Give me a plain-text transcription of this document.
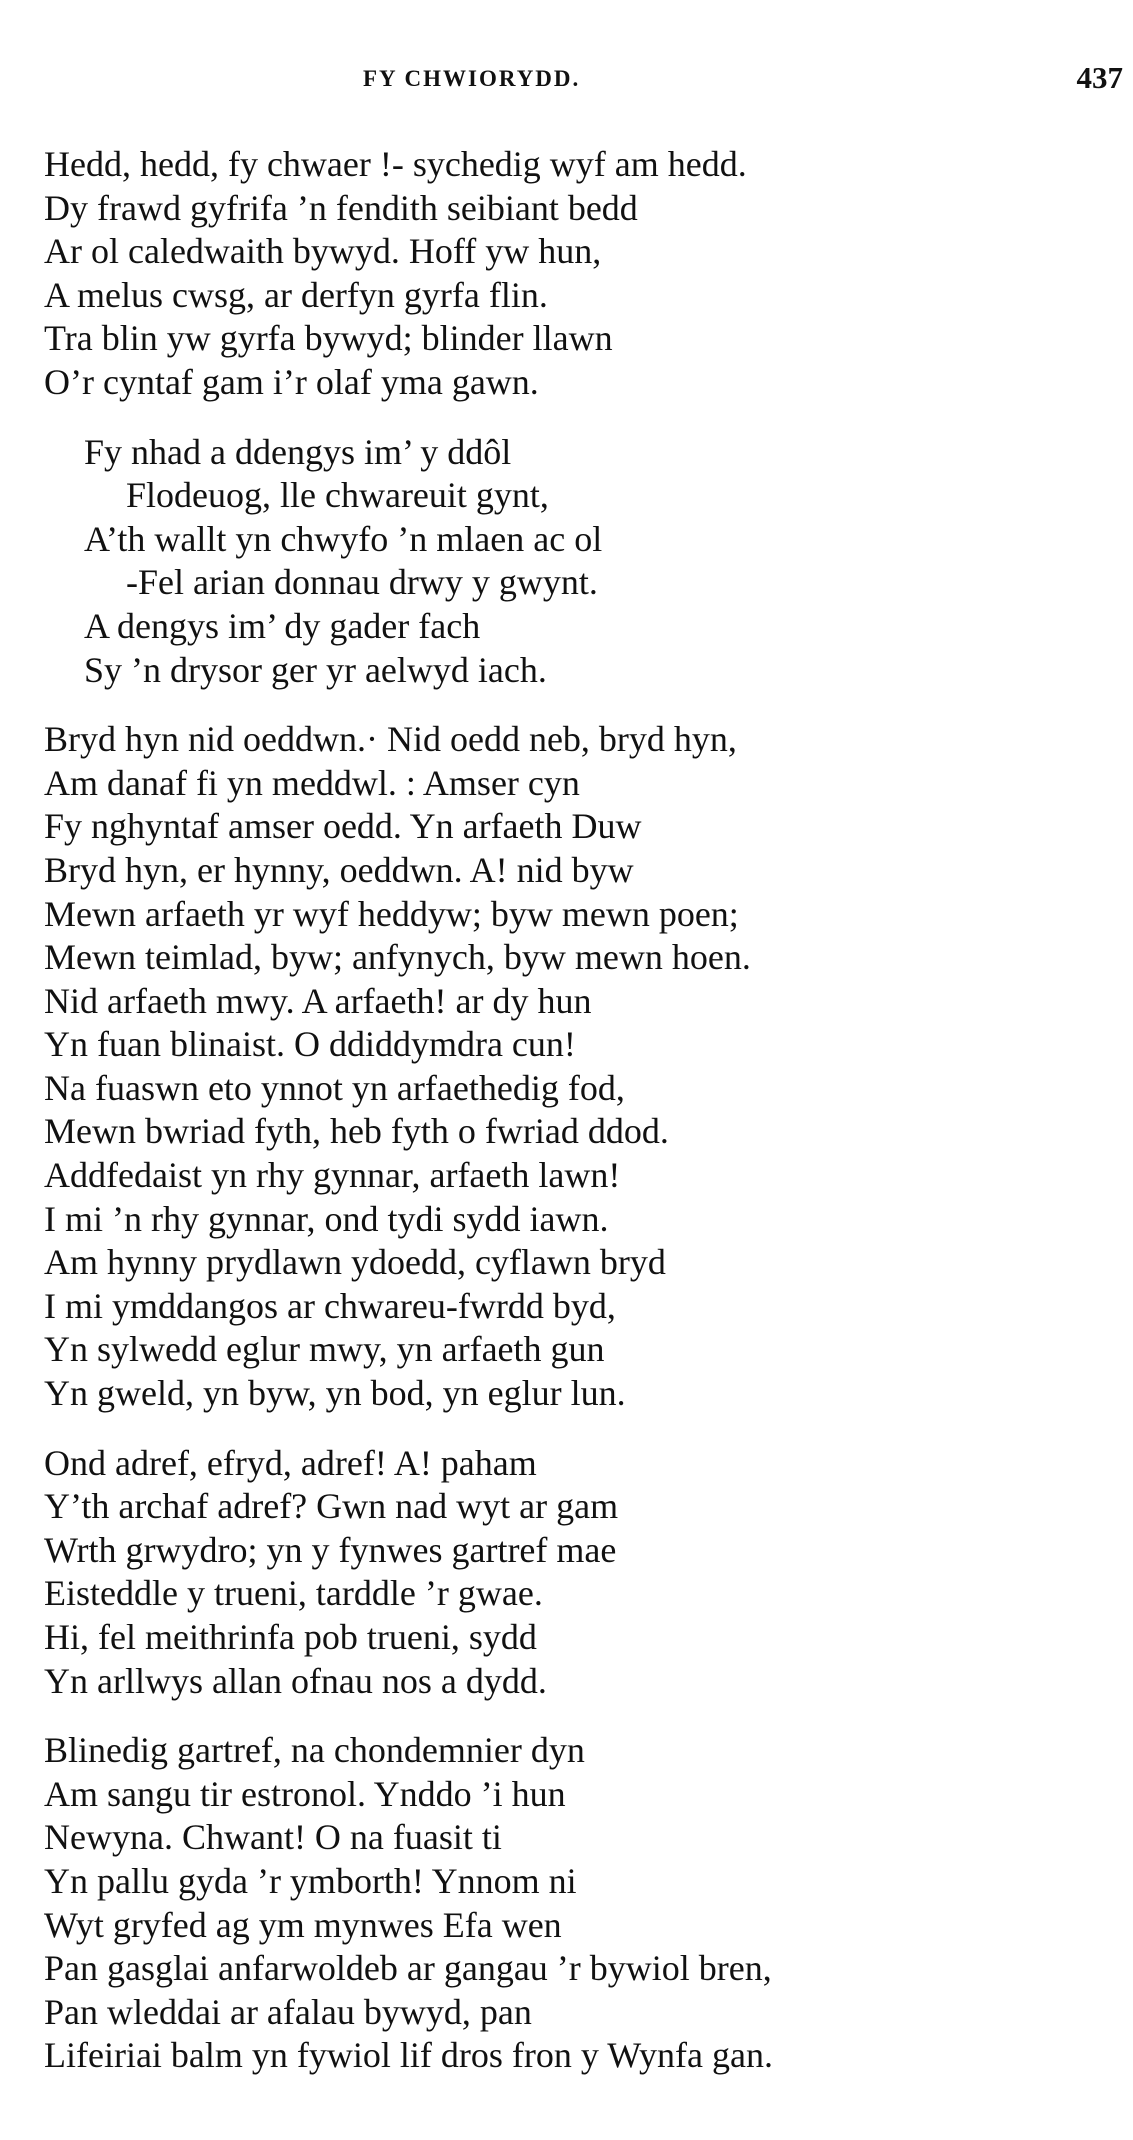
FY CHWIORYDD.	437
Hedd, hedd, fy chwaer !- sychedig wyf am hedd.
Dy frawd gyfrifa ’n fendith seibiant bedd
Ar ol caledwaith bywyd. Hoff yw hun,
A melus cwsg, ar derfyn gyrfa flin.
Tra blin yw gyrfa bywyd; blinder llawn
O’r cyntaf gam i’r olaf yma gawn.
Fy nhad a ddengys im’ y ddôl
Flodeuog, lle chwareuit gynt,
A’th wallt yn chwyfo ’n mlaen ac ol
-Fel arian donnau drwy y gwynt.
A dengys im’ dy gader fach
Sy ’n drysor ger yr aelwyd iach.
Bryd hyn nid oeddwn.· Nid oedd neb, bryd hyn,
Am danaf fi yn meddwl. : Amser cyn
Fy nghyntaf amser oedd. Yn arfaeth Duw
Bryd hyn, er hynny, oeddwn. A! nid byw
Mewn arfaeth yr wyf heddyw; byw mewn poen;
Mewn teimlad, byw; anfynych, byw mewn hoen.
Nid arfaeth mwy. A arfaeth! ar dy hun
Yn fuan blinaist. O ddiddymdra cun!
Na fuaswn eto ynnot yn arfaethedig fod,
Mewn bwriad fyth, heb fyth o fwriad ddod.
Addfedaist yn rhy gynnar, arfaeth lawn!
I mi ’n rhy gynnar, ond tydi sydd iawn.
Am hynny prydlawn ydoedd, cyflawn bryd
I mi ymddangos ar chwareu-fwrdd byd,
Yn sylwedd eglur mwy, yn arfaeth gun
Yn gweld, yn byw, yn bod, yn eglur lun.
Ond adref, efryd, adref! A! paham
Y’th archaf adref? Gwn nad wyt ar gam
Wrth grwydro; yn y fynwes gartref mae
Eisteddle y trueni, tarddle ’r gwae.
Hi, fel meithrinfa pob trueni, sydd
Yn arllwys allan ofnau nos a dydd.
Blinedig gartref, na chondemnier dyn
Am sangu tir estronol. Ynddo ’i hun
Newyna. Chwant! O na fuasit ti
Yn pallu gyda ’r ymborth! Ynnom ni
Wyt gryfed ag ym mynwes Efa wen
Pan gasglai anfarwoldeb ar gangau ’r bywiol bren,
Pan wleddai ar afalau bywyd, pan
Lifeiriai balm yn fywiol lif dros fron y Wynfa gan.
